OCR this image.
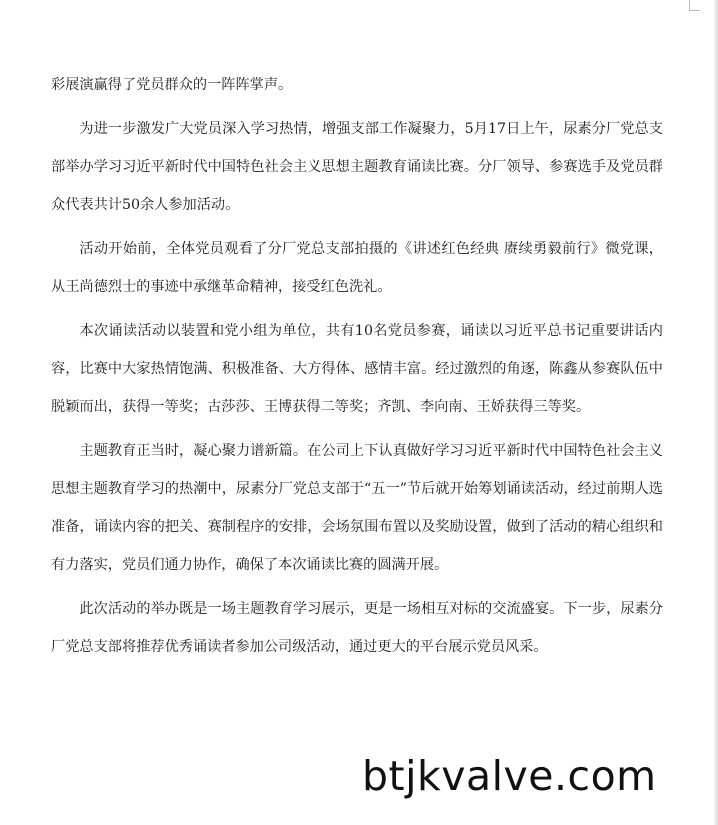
彩展演赢得了党员群众的一阵阵掌声。

为进一步激发广大党员深入学习热情，增强支部工作凝聚力，5月17日上午，尿素分厂党总支部举办学习习近平新时代中国特色社会主义思想主题教育诵读比赛。分厂领导、参赛选手及党员群众代表共计50余人参加活动。

活动开始前，全体党员观看了分厂党总支部拍摄的《讲述红色经典 赓续勇毅前行》微党课，从王尚德烈士的事迹中承继革命精神，接受红色洗礼。

本次诵读活动以装置和党小组为单位，共有10名党员参赛，诵读以习近平总书记重要讲话内容，比赛中大家热情饱满、积极准备、大方得体、感情丰富。经过激烈的角逐，陈鑫从参赛队伍中脱颖而出，获得一等奖；古莎莎、王博获得二等奖；齐凯、李向南、王娇获得三等奖。

主题教育正当时，凝心聚力谱新篇。在公司上下认真做好学习习近平新时代中国特色社会主义思想主题教育学习的热潮中，尿素分厂党总支部于“五一”节后就开始筹划诵读活动，经过前期人选准备，诵读内容的把关、赛制程序的安排，会场氛围布置以及奖励设置，做到了活动的精心组织和有力落实，党员们通力协作，确保了本次诵读比赛的圆满开展。

此次活动的举办既是一场主题教育学习展示，更是一场相互对标的交流盛宴。下一步，尿素分厂党总支部将推荐优秀诵读者参加公司级活动，通过更大的平台展示党员风采。

btjkvalve.com
